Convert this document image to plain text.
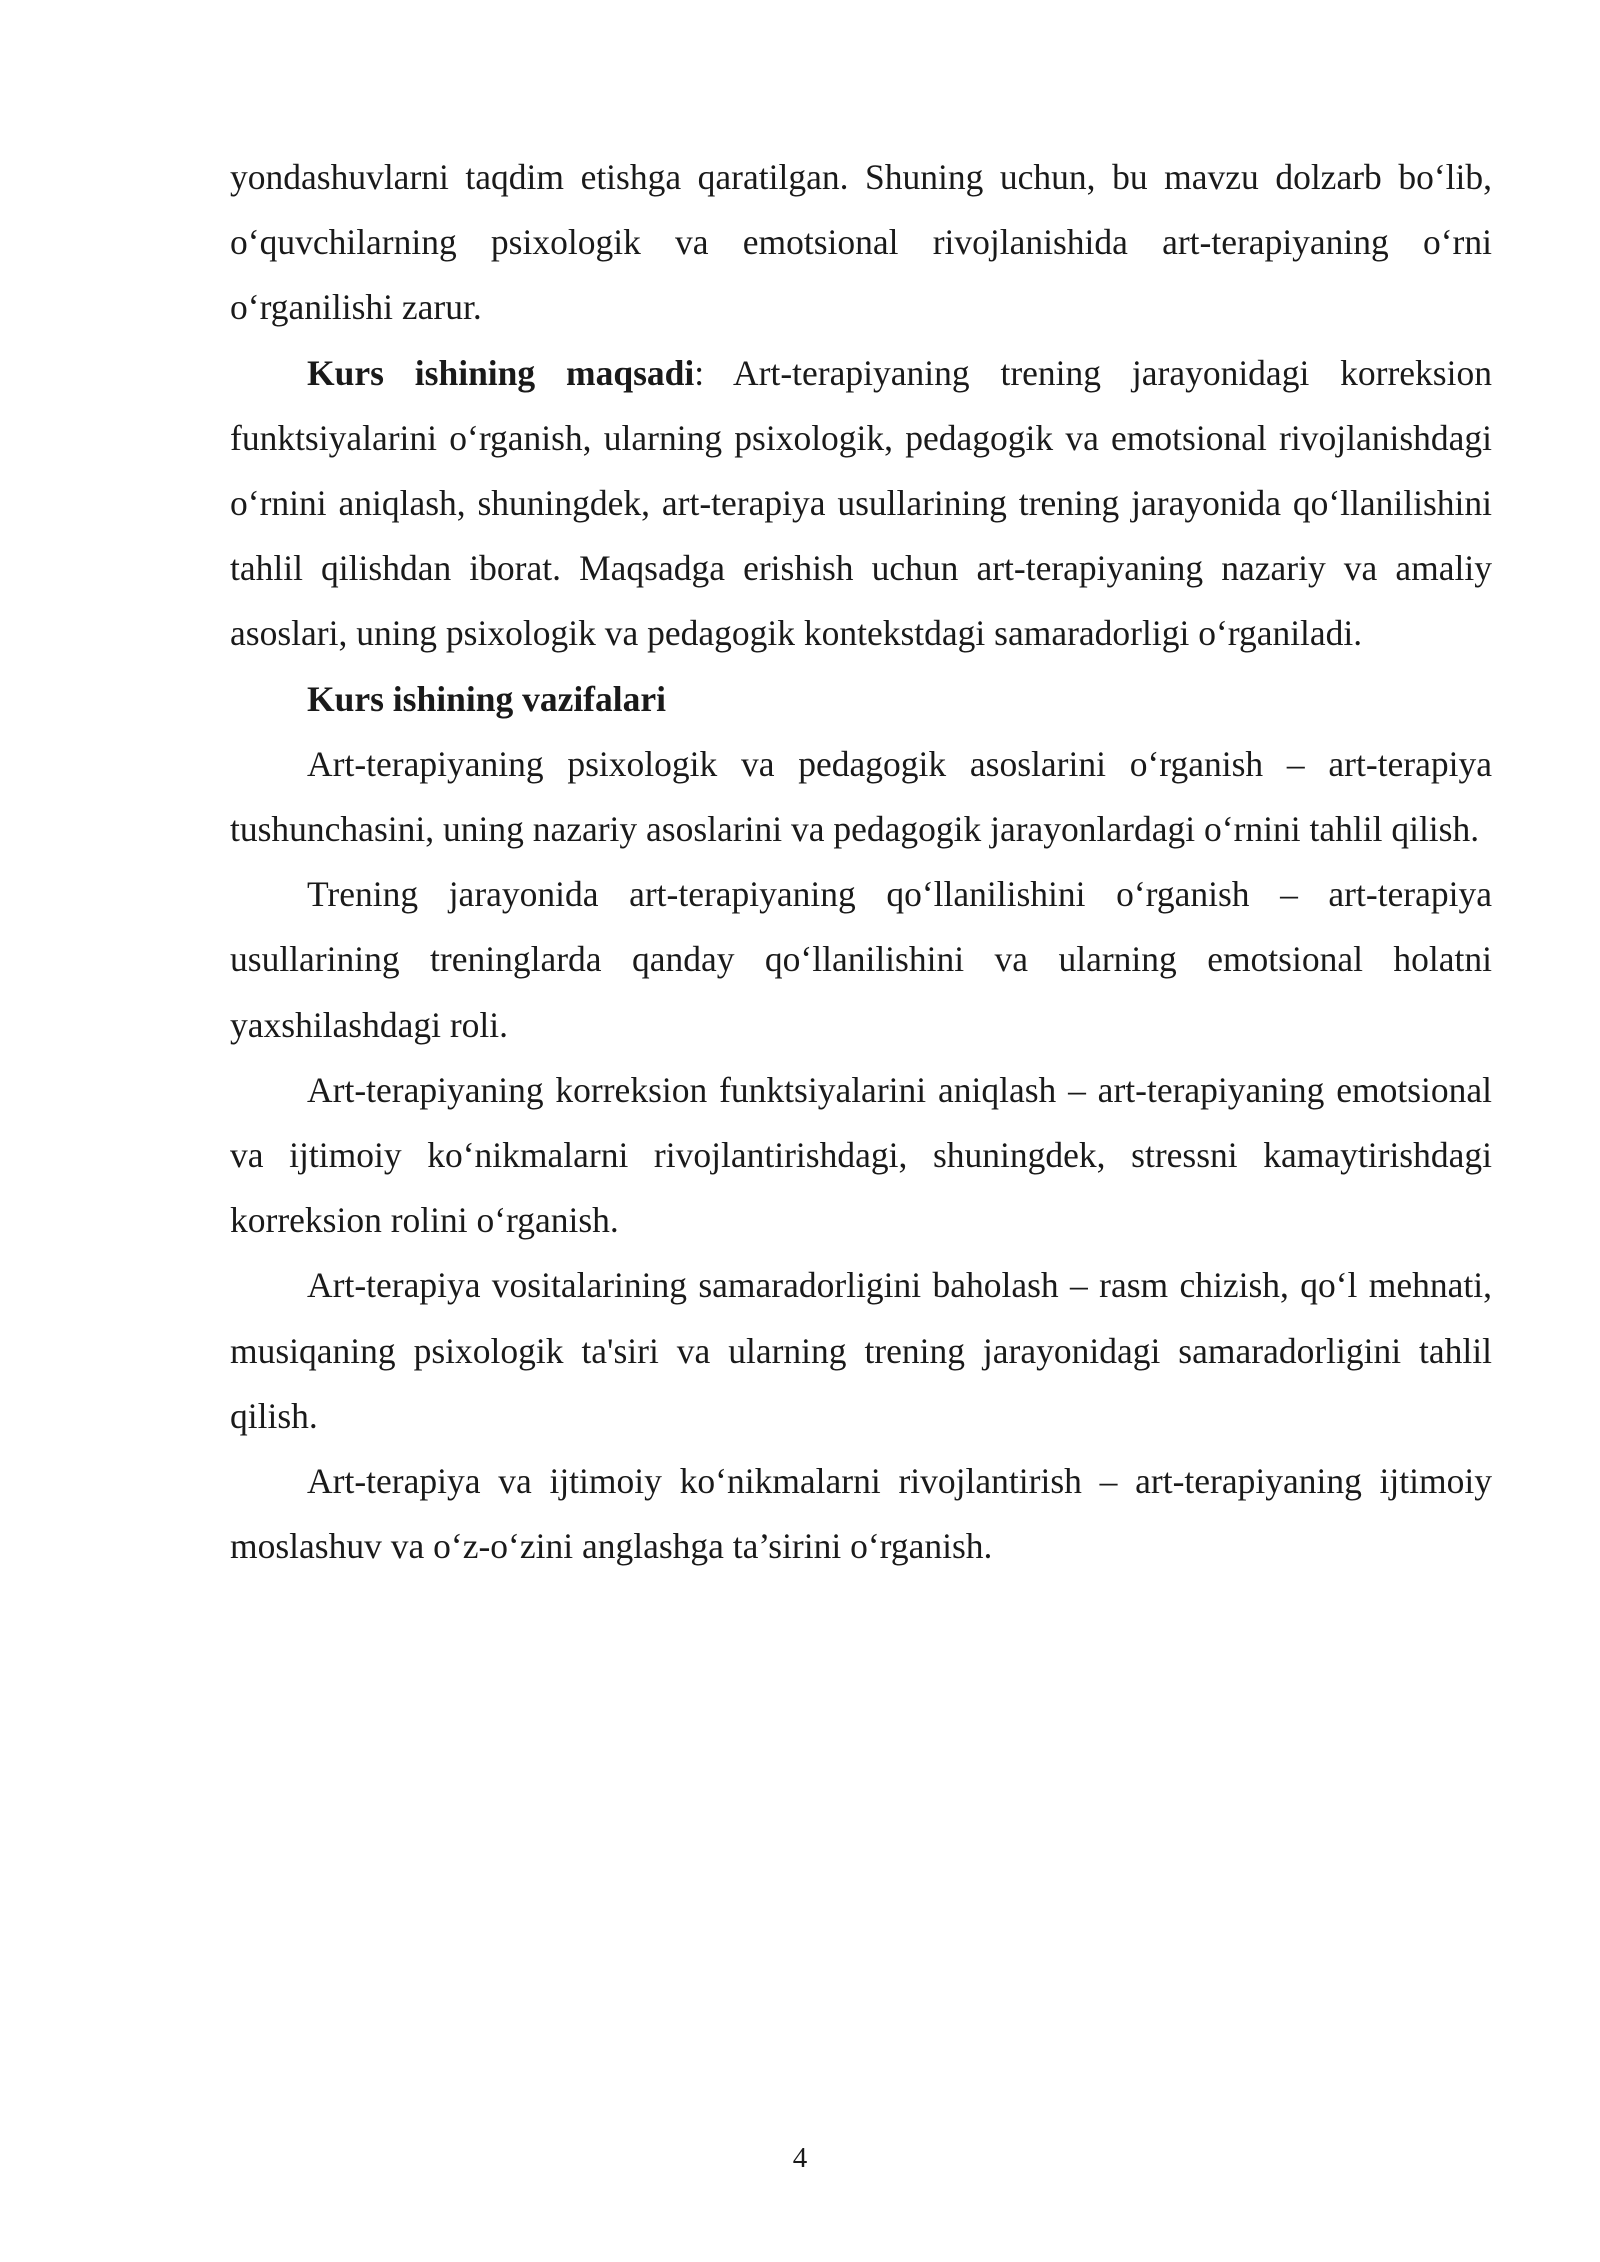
yondashuvlarni taqdim etishga qaratilgan. Shuning uchun, bu mavzu dolzarb bo‘lib, o‘quvchilarning psixologik va emotsional rivojlanishida art-terapiyaning o‘rni o‘rganilishi zarur.

Kurs ishining maqsadi: Art-terapiyaning trening jarayonidagi korreksion funktsiyalarini o‘rganish, ularning psixologik, pedagogik va emotsional rivojlanishdagi o‘rnini aniqlash, shuningdek, art-terapiya usullarining trening jarayonida qo‘llanilishini tahlil qilishdan iborat. Maqsadga erishish uchun art-terapiyaning nazariy va amaliy asoslari, uning psixologik va pedagogik kontekstdagi samaradorligi o‘rganiladi.

Kurs ishining vazifalari

Art-terapiyaning psixologik va pedagogik asoslarini o‘rganish – art-terapiya tushunchasini, uning nazariy asoslarini va pedagogik jarayonlardagi o‘rnini tahlil qilish.

Trening jarayonida art-terapiyaning qo‘llanilishini o‘rganish – art-terapiya usullarining treninglarda qanday qo‘llanilishini va ularning emotsional holatni yaxshilashdagi roli.

Art-terapiyaning korreksion funktsiyalarini aniqlash – art-terapiyaning emotsional va ijtimoiy ko‘nikmalarni rivojlantirishdagi, shuningdek, stressni kamaytirishdagi korreksion rolini o‘rganish.

Art-terapiya vositalarining samaradorligini baholash – rasm chizish, qo‘l mehnati, musiqaning psixologik ta'siri va ularning trening jarayonidagi samaradorligini tahlil qilish.

Art-terapiya va ijtimoiy ko‘nikmalarni rivojlantirish – art-terapiyaning ijtimoiy moslashuv va o‘z-o‘zini anglashga ta’sirini o‘rganish.

4
